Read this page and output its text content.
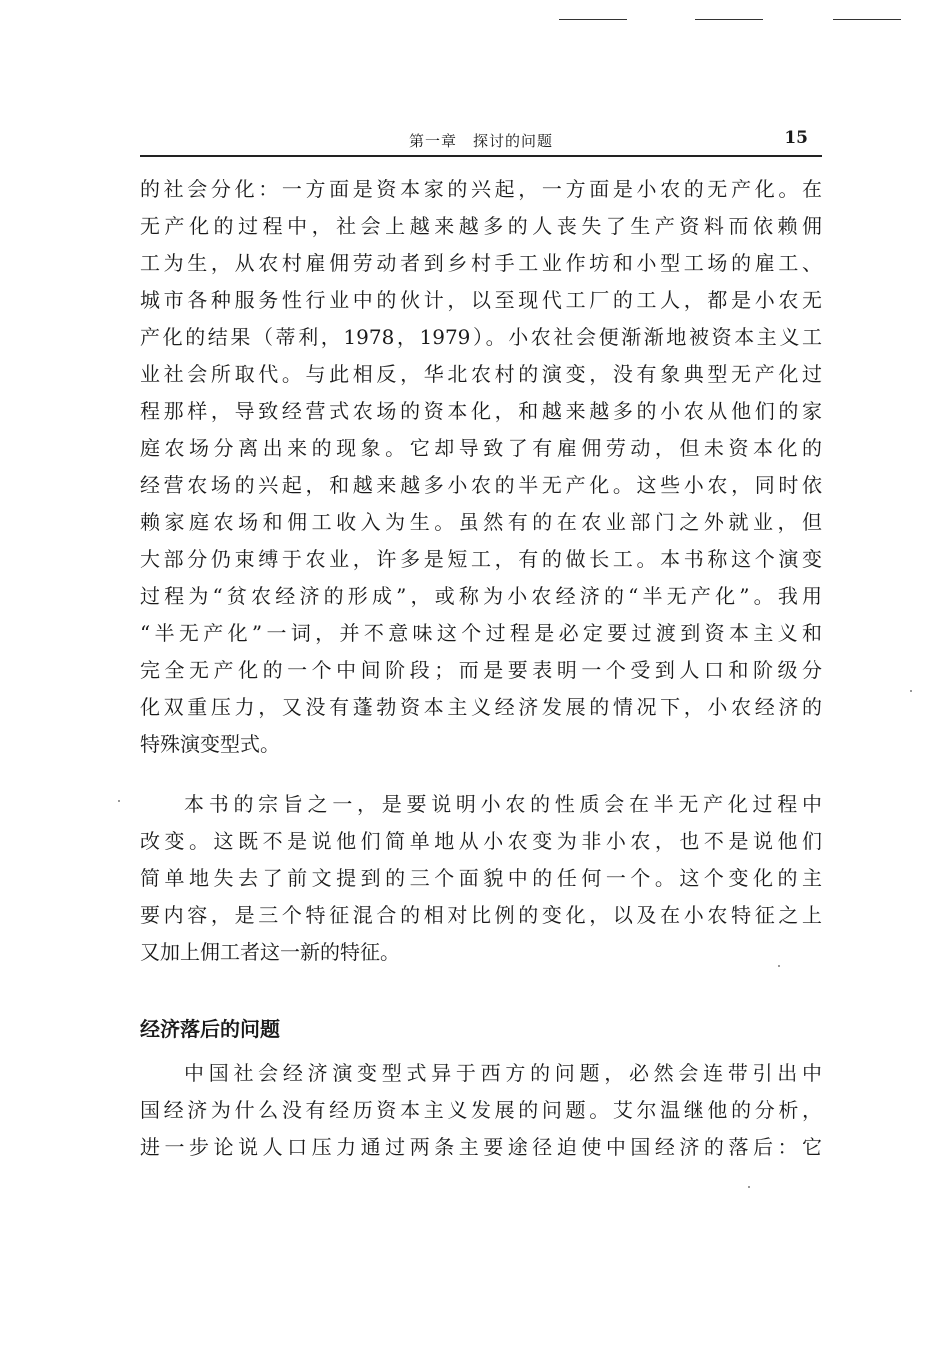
第一章　探讨的问题	15
的社会分化：一方面是资本家的兴起，一方面是小农的无产化。在
无产化的过程中，社会上越来越多的人丧失了生产资料而依赖佣
工为生，从农村雇佣劳动者到乡村手工业作坊和小型工场的雇工、
城市各种服务性行业中的伙计，以至现代工厂的工人，都是小农无
产化的结果（蒂利，1978，1979）。小农社会便渐渐地被资本主义工
业社会所取代。与此相反，华北农村的演变，没有象典型无产化过
程那样，导致经营式农场的资本化，和越来越多的小农从他们的家
庭农场分离出来的现象。它却导致了有雇佣劳动，但未资本化的
经营农场的兴起，和越来越多小农的半无产化。这些小农，同时依
赖家庭农场和佣工收入为生。虽然有的在农业部门之外就业，但
大部分仍束缚于农业，许多是短工，有的做长工。本书称这个演变
过程为“贫农经济的形成”，或称为小农经济的“半无产化”。我用
“半无产化”一词，并不意味这个过程是必定要过渡到资本主义和
完全无产化的一个中间阶段；而是要表明一个受到人口和阶级分
化双重压力，又没有蓬勃资本主义经济发展的情况下，小农经济的
特殊演变型式。
本书的宗旨之一，是要说明小农的性质会在半无产化过程中
改变。这既不是说他们简单地从小农变为非小农，也不是说他们
简单地失去了前文提到的三个面貌中的任何一个。这个变化的主
要内容，是三个特征混合的相对比例的变化，以及在小农特征之上
又加上佣工者这一新的特征。
经济落后的问题
中国社会经济演变型式异于西方的问题，必然会连带引出中
国经济为什么没有经历资本主义发展的问题。艾尔温继他的分析，
进一步论说人口压力通过两条主要途径迫使中国经济的落后：它
